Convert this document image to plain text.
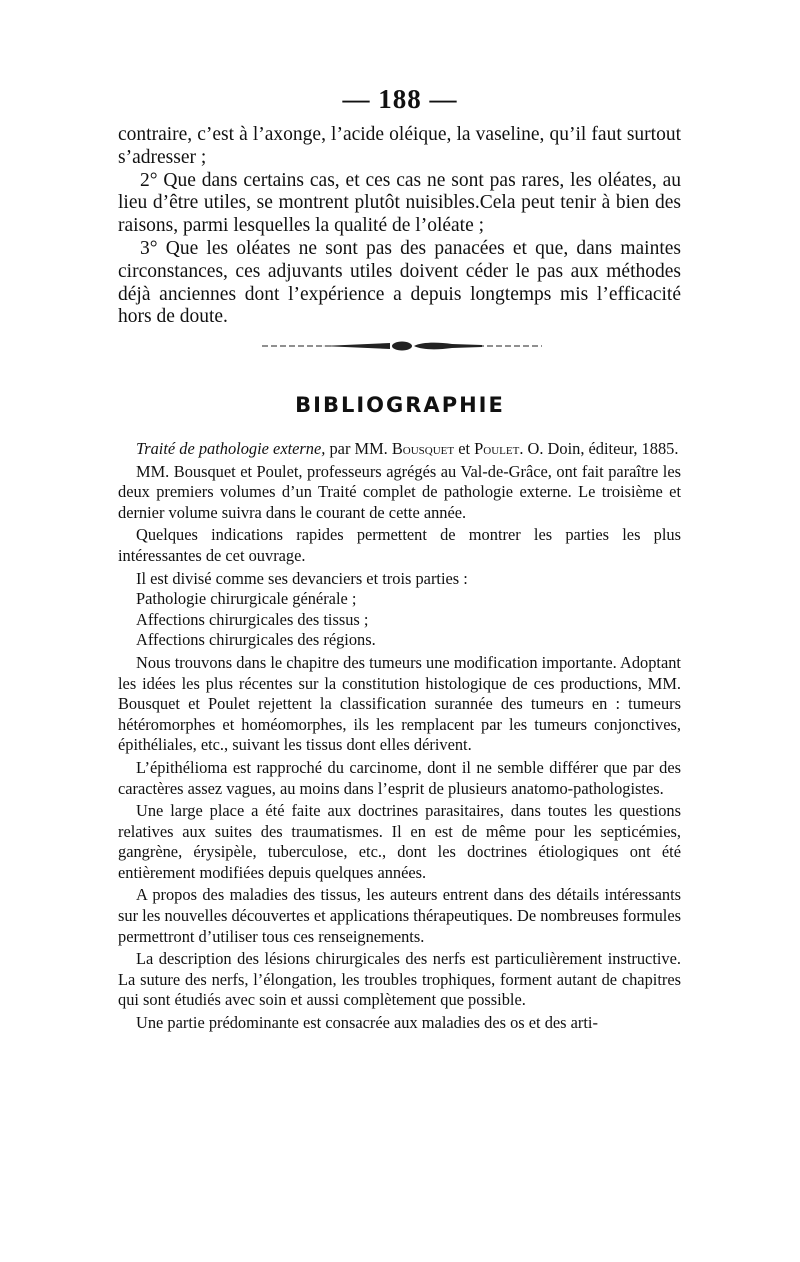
— 188 —

contraire, c’est à l’axonge, l’acide oléique, la vaseline, qu’il faut surtout s’adresser ;

2° Que dans certains cas, et ces cas ne sont pas rares, les oléates, au lieu d’être utiles, se montrent plutôt nuisibles.Cela peut tenir à bien des raisons, parmi lesquelles la qualité de l’oléate ;

3° Que les oléates ne sont pas des panacées et que, dans maintes circonstances, ces adjuvants utiles doivent céder le pas aux méthodes déjà anciennes dont l’expérience a depuis longtemps mis l’efficacité hors de doute.

BIBLIOGRAPHIE

Traité de pathologie externe, par MM. Bousquet et Poulet. O. Doin, éditeur, 1885.

MM. Bousquet et Poulet, professeurs agrégés au Val-de-Grâce, ont fait paraître les deux premiers volumes d’un Traité complet de pathologie externe. Le troisième et dernier volume suivra dans le courant de cette année.

Quelques indications rapides permettent de montrer les parties les plus intéressantes de cet ouvrage.

Il est divisé comme ses devanciers et trois parties :

Pathologie chirurgicale générale ;

Affections chirurgicales des tissus ;

Affections chirurgicales des régions.

Nous trouvons dans le chapitre des tumeurs une modification importante. Adoptant les idées les plus récentes sur la constitution histologique de ces productions, MM. Bousquet et Poulet rejettent la classification surannée des tumeurs en : tumeurs hétéromorphes et homéomorphes, ils les remplacent par les tumeurs conjonctives, épithéliales, etc., suivant les tissus dont elles dérivent.

L’épithélioma est rapproché du carcinome, dont il ne semble différer que par des caractères assez vagues, au moins dans l’esprit de plusieurs anatomo-pathologistes.

Une large place a été faite aux doctrines parasitaires, dans toutes les questions relatives aux suites des traumatismes. Il en est de même pour les septicémies, gangrène, érysipèle, tuberculose, etc., dont les doctrines étiologiques ont été entièrement modifiées depuis quelques années.

A propos des maladies des tissus, les auteurs entrent dans des détails intéressants sur les nouvelles découvertes et applications thérapeutiques. De nombreuses formules permettront d’utiliser tous ces renseignements.

La description des lésions chirurgicales des nerfs est particulièrement instructive. La suture des nerfs, l’élongation, les troubles trophiques, forment autant de chapitres qui sont étudiés avec soin et aussi complètement que possible.

Une partie prédominante est consacrée aux maladies des os et des arti-
